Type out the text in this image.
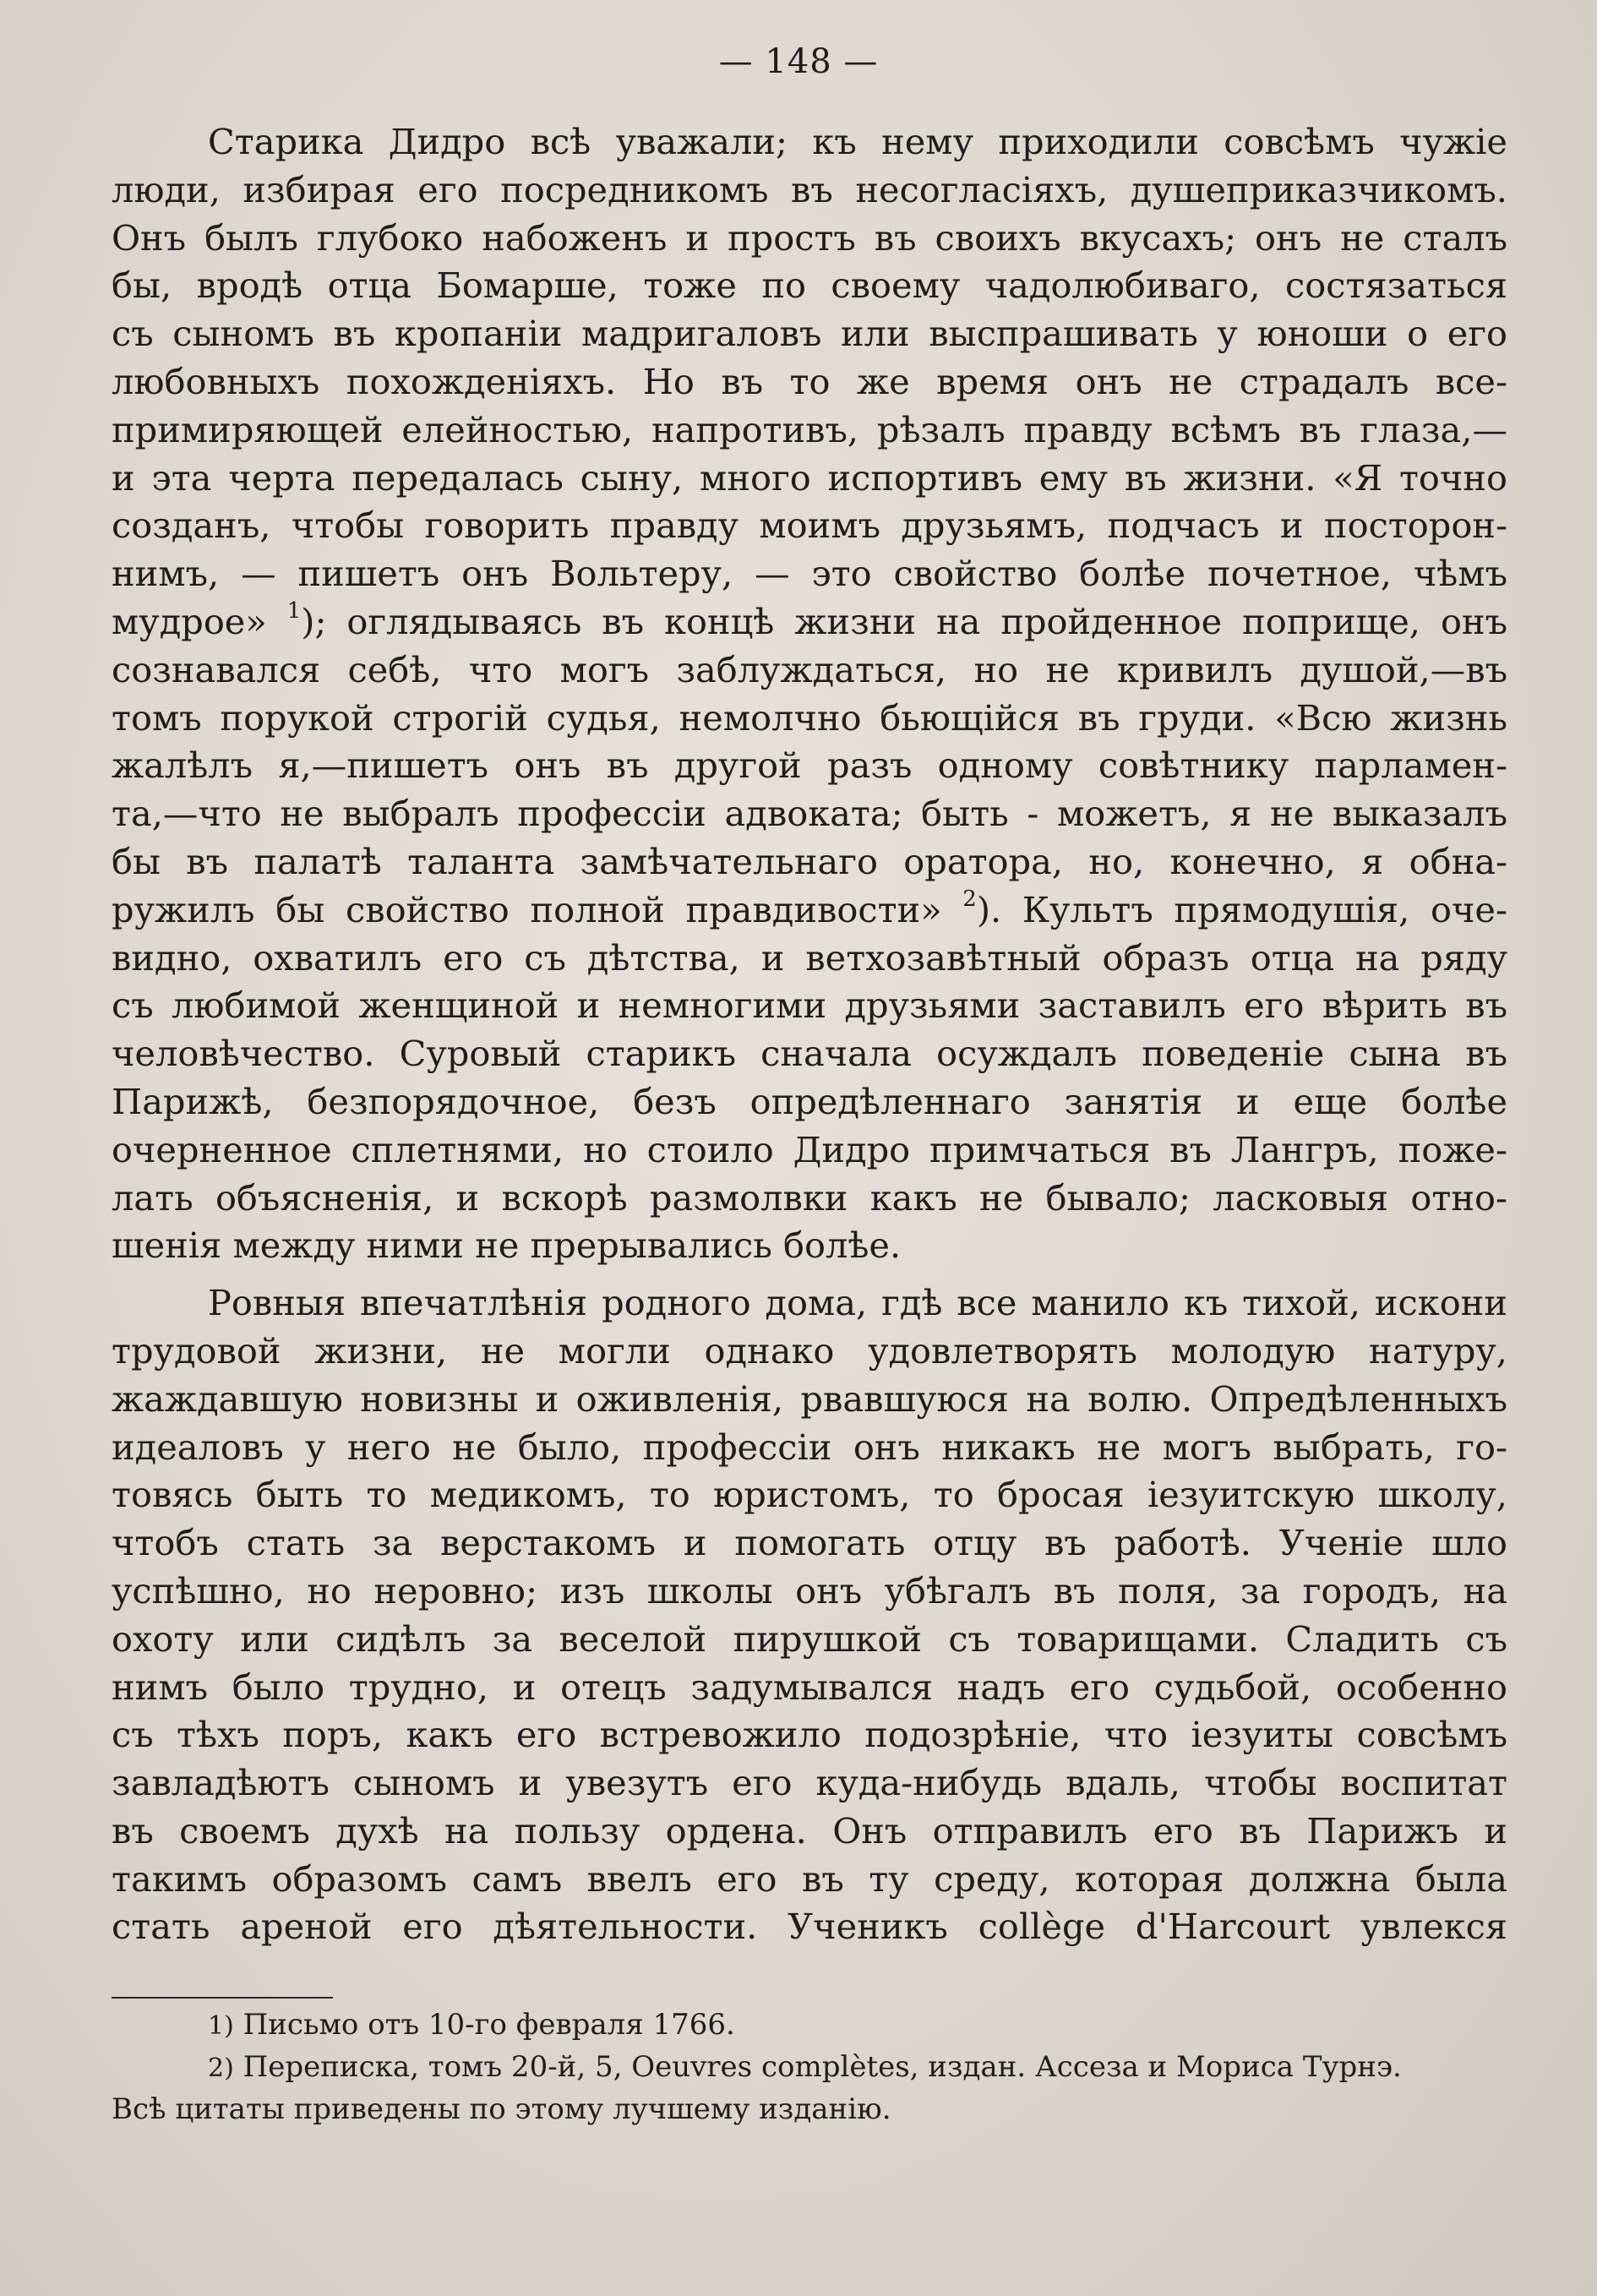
— 148 —

Старика Дидро всѣ уважали; къ нему приходили совсѣмъ чужіе
люди, избирая его посредникомъ въ несогласіяхъ, душеприказчикомъ.
Онъ былъ глубоко набоженъ и простъ въ своихъ вкусахъ; онъ не сталъ
бы, вродѣ отца Бомарше, тоже по своему чадолюбиваго, состязаться
съ сыномъ въ кропаніи мадригаловъ или выспрашивать у юноши о его
любовныхъ похожденіяхъ. Но въ то же время онъ не страдалъ все-
примиряющей елейностью, напротивъ, рѣзалъ правду всѣмъ въ глаза,—
и эта черта передалась сыну, много испортивъ ему въ жизни. «Я точно
созданъ, чтобы говорить правду моимъ друзьямъ, подчасъ и посторон-
нимъ, — пишетъ онъ Вольтеру, — это свойство болѣе почетное, чѣмъ
мудрое» $^1$); оглядываясь въ концѣ жизни на пройденное поприще, онъ
сознавался себѣ, что могъ заблуждаться, но не кривилъ душой,—въ
томъ порукой строгій судья, немолчно бьющійся въ груди. «Всю жизнь
жалѣлъ я,—пишетъ онъ въ другой разъ одному совѣтнику парламен-
та,—что не выбралъ профессіи адвоката; быть - можетъ, я не выказалъ
бы въ палатѣ таланта замѣчательнаго оратора, но, конечно, я обна-
ружилъ бы свойство полной правдивости» $^2$). Культъ прямодушія, оче-
видно, охватилъ его съ дѣтства, и ветхозавѣтный образъ отца на ряду
съ любимой женщиной и немногими друзьями заставилъ его вѣрить въ
человѣчество. Суровый старикъ сначала осуждалъ поведеніе сына въ
Парижѣ, безпорядочное, безъ опредѣленнаго занятія и еще болѣе
очерненное сплетнями, но стоило Дидро примчаться въ Лангръ, поже-
лать объясненія, и вскорѣ размолвки какъ не бывало; ласковыя отно-
шенія между ними не прерывались болѣе.

Ровныя впечатлѣнія родного дома, гдѣ все манило къ тихой, искони
трудовой жизни, не могли однако удовлетворять молодую натуру,
жаждавшую новизны и оживленія, рвавшуюся на волю. Опредѣленныхъ
идеаловъ у него не было, профессіи онъ никакъ не могъ выбрать, го-
товясь быть то медикомъ, то юристомъ, то бросая іезуитскую школу,
чтобъ стать за верстакомъ и помогать отцу въ работѣ. Ученіе шло
успѣшно, но неровно; изъ школы онъ убѣгалъ въ поля, за городъ, на
охоту или сидѣлъ за веселой пирушкой съ товарищами. Сладить съ
нимъ было трудно, и отецъ задумывался надъ его судьбой, особенно
съ тѣхъ поръ, какъ его встревожило подозрѣніе, что іезуиты совсѣмъ
завладѣютъ сыномъ и увезутъ его куда-нибудь вдаль, чтобы воспитат
въ своемъ духѣ на пользу ордена. Онъ отправилъ его въ Парижъ и
такимъ образомъ самъ ввелъ его въ ту среду, которая должна была
стать ареной его дѣятельности. Ученикъ collège d'Harcourt увлекся

1) Письмо отъ 10-го февраля 1766.
2) Переписка, томъ 20-й, 5, Oeuvres complètes, издан. Ассеза и Мориса Турнэ.
Всѣ цитаты приведены по этому лучшему изданію.
